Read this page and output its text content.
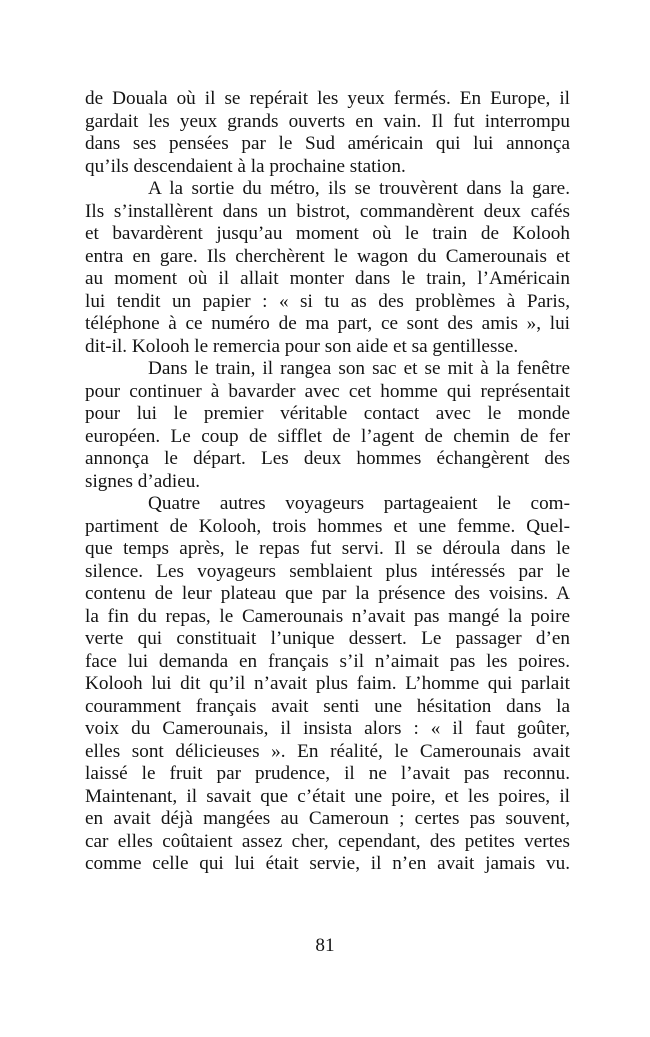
de Douala où il se repérait les yeux fermés. En Europe, il
gardait les yeux grands ouverts en vain. Il fut interrompu
dans ses pensées par le Sud américain qui lui annonça
qu’ils descendaient à la prochaine station.
A la sortie du métro, ils se trouvèrent dans la gare.
Ils s’installèrent dans un bistrot, commandèrent deux cafés
et bavardèrent jusqu’au moment où le train de Kolooh
entra en gare. Ils cherchèrent le wagon du Camerounais et
au moment où il allait monter dans le train, l’Américain
lui tendit un papier : « si tu as des problèmes à Paris,
téléphone à ce numéro de ma part, ce sont des amis », lui
dit-il. Kolooh le remercia pour son aide et sa gentillesse.
Dans le train, il rangea son sac et se mit à la fenêtre
pour continuer à bavarder avec cet homme qui représentait
pour lui le premier véritable contact avec le monde
européen. Le coup de sifflet de l’agent de chemin de fer
annonça le départ. Les deux hommes échangèrent des
signes d’adieu.
Quatre autres voyageurs partageaient le com-
partiment de Kolooh, trois hommes et une femme. Quel-
que temps après, le repas fut servi. Il se déroula dans le
silence. Les voyageurs semblaient plus intéressés par le
contenu de leur plateau que par la présence des voisins. A
la fin du repas, le Camerounais n’avait pas mangé la poire
verte qui constituait l’unique dessert. Le passager d’en
face lui demanda en français s’il n’aimait pas les poires.
Kolooh lui dit qu’il n’avait plus faim. L’homme qui parlait
couramment français avait senti une hésitation dans la
voix du Camerounais, il insista alors : « il faut goûter,
elles sont délicieuses ». En réalité, le Camerounais avait
laissé le fruit par prudence, il ne l’avait pas reconnu.
Maintenant, il savait que c’était une poire, et les poires, il
en avait déjà mangées au Cameroun ; certes pas souvent,
car elles coûtaient assez cher, cependant, des petites vertes
comme celle qui lui était servie, il n’en avait jamais vu.
81
